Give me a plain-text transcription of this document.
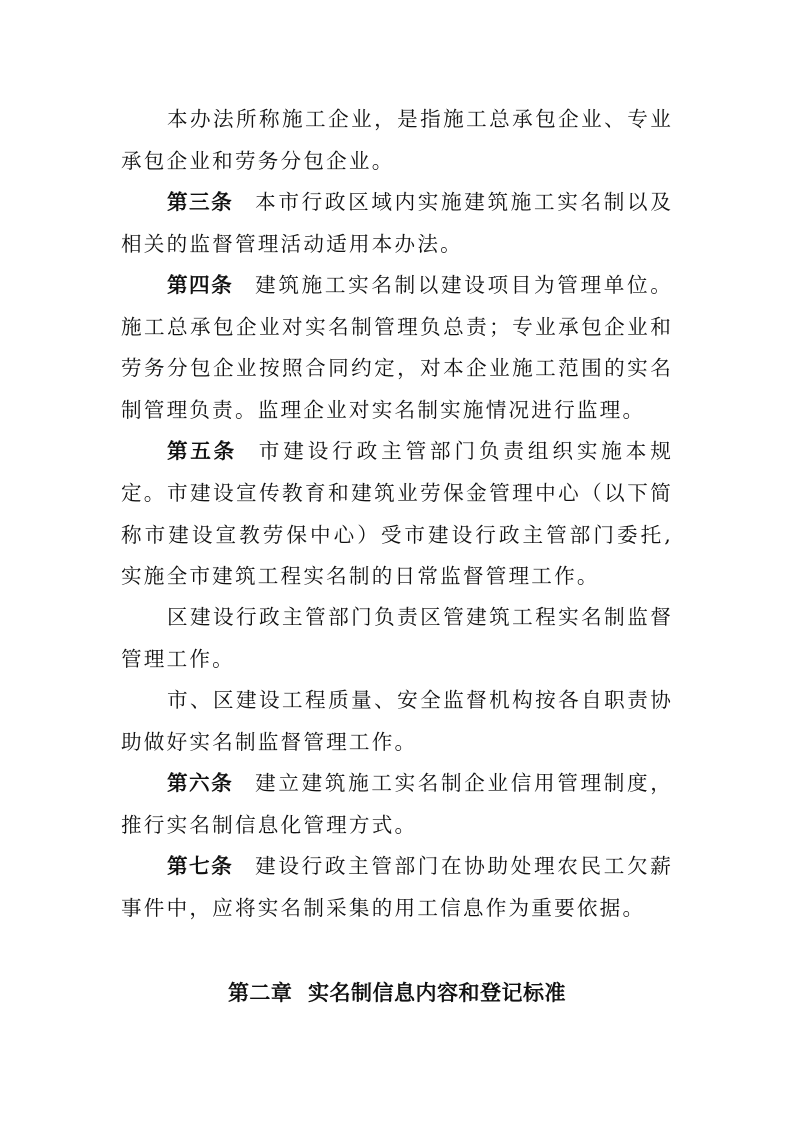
本办法所称施工企业，是指施工总承包企业、专业承包企业和劳务分包企业。

第三条 本市行政区域内实施建筑施工实名制以及相关的监督管理活动适用本办法。

第四条 建筑施工实名制以建设项目为管理单位。施工总承包企业对实名制管理负总责；专业承包企业和劳务分包企业按照合同约定，对本企业施工范围的实名制管理负责。监理企业对实名制实施情况进行监理。

第五条 市建设行政主管部门负责组织实施本规定。 市建设宣传教育和建筑业劳保金管理中心（以下简称市建设宣教劳保中心）受市建设行政主管部门委托,实施全市建筑工程实名制的日常监督管理工作。

区建设行政主管部门负责区管建筑工程实名制监督管理工作。

市、区建设工程质量、安全监督机构按各自职责协助做好实名制监督管理工作。

第六条 建立建筑施工实名制企业信用管理制度，推行实名制信息化管理方式。

第七条 建设行政主管部门在协助处理农民工欠薪事件中，应将实名制采集的用工信息作为重要依据。

第二章  实名制信息内容和登记标准
